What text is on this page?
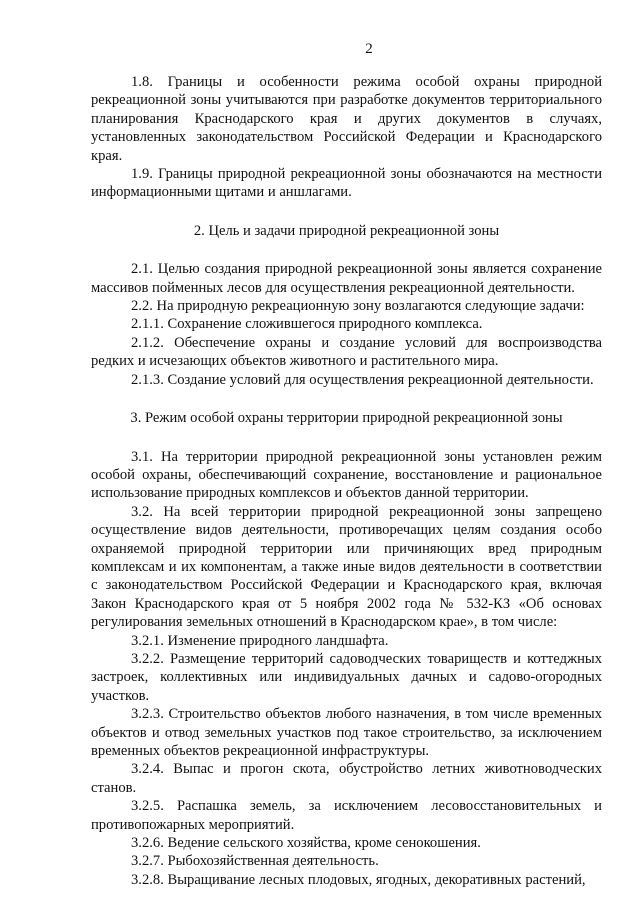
2

1.8. Границы и особенности режима особой охраны природной рекреационной зоны учитываются при разработке документов территориального планирования Краснодарского края и других документов в случаях, установленных законодательством Российской Федерации и Краснодарского края.

1.9. Границы природной рекреационной зоны обозначаются на местности информационными щитами и аншлагами.

2. Цель и задачи природной рекреационной зоны

2.1. Целью создания природной рекреационной зоны является сохранение массивов пойменных лесов для осуществления рекреационной деятельности.

2.2. На природную рекреационную зону возлагаются следующие задачи:

2.1.1. Сохранение сложившегося природного комплекса.

2.1.2. Обеспечение охраны и создание условий для воспроизводства редких и исчезающих объектов животного и растительного мира.

2.1.3. Создание условий для осуществления рекреационной деятельности.

3. Режим особой охраны территории природной рекреационной зоны

3.1. На территории природной рекреационной зоны установлен режим особой охраны, обеспечивающий сохранение, восстановление и рациональное использование природных комплексов и объектов данной территории.

3.2. На всей территории природной рекреационной зоны запрещено осуществление видов деятельности, противоречащих целям создания особо охраняемой природной территории или причиняющих вред природным комплексам и их компонентам, а также иные видов деятельности в соответствии с законодательством Российской Федерации и Краснодарского края, включая Закон Краснодарского края от 5 ноября 2002 года № 532-КЗ «Об основах регулирования земельных отношений в Краснодарском крае», в том числе:

3.2.1. Изменение природного ландшафта.

3.2.2. Размещение территорий садоводческих товариществ и коттеджных застроек, коллективных или индивидуальных дачных и садово-огородных участков.

3.2.3. Строительство объектов любого назначения, в том числе временных объектов и отвод земельных участков под такое строительство, за исключением временных объектов рекреационной инфраструктуры.

3.2.4. Выпас и прогон скота, обустройство летних животноводческих станов.

3.2.5. Распашка земель, за исключением лесовосстановительных и противопожарных мероприятий.

3.2.6. Ведение сельского хозяйства, кроме сенокошения.

3.2.7. Рыбохозяйственная деятельность.

3.2.8. Выращивание лесных плодовых, ягодных, декоративных растений,
